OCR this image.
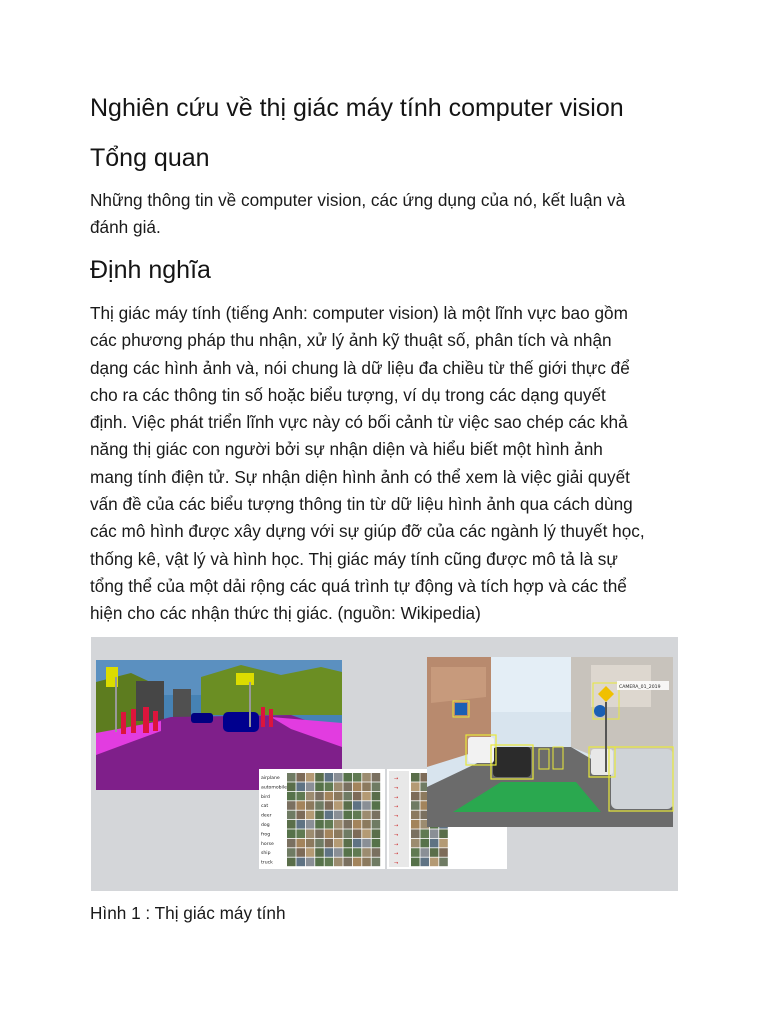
Nghiên cứu về thị giác máy tính computer vision
Tổng quan
Những thông tin về computer vision, các ứng dụng của nó, kết luận và
đánh giá.
Định nghĩa
Thị giác máy tính (tiếng Anh: computer vision) là một lĩnh vực bao gồm
các phương pháp thu nhận, xử lý ảnh kỹ thuật số, phân tích và nhận
dạng các hình ảnh và, nói chung là dữ liệu đa chiều từ thế giới thực để
cho ra các thông tin số hoặc biểu tượng, ví dụ trong các dạng quyết
định. Việc phát triển lĩnh vực này có bối cảnh từ việc sao chép các khả
năng thị giác con người bởi sự nhận diện và hiểu biết một hình ảnh
mang tính điện tử. Sự nhận diện hình ảnh có thể xem là việc giải quyết
vấn đề của các biểu tượng thông tin từ dữ liệu hình ảnh qua cách dùng
các mô hình được xây dựng với sự giúp đỡ của các ngành lý thuyết học,
thống kê, vật lý và hình học. Thị giác máy tính cũng được mô tả là sự
tổng thể của một dải rộng các quá trình tự động và tích hợp và các thể
hiện cho các nhận thức thị giác. (nguồn: Wikipedia)
airplane
automobile
bird
cat
deer
dog
frog
horse
ship
truck
→
→
→
→
→
→
→
→
→
→
CAMERA_01_2019
Hình 1 : Thị giác máy tính
